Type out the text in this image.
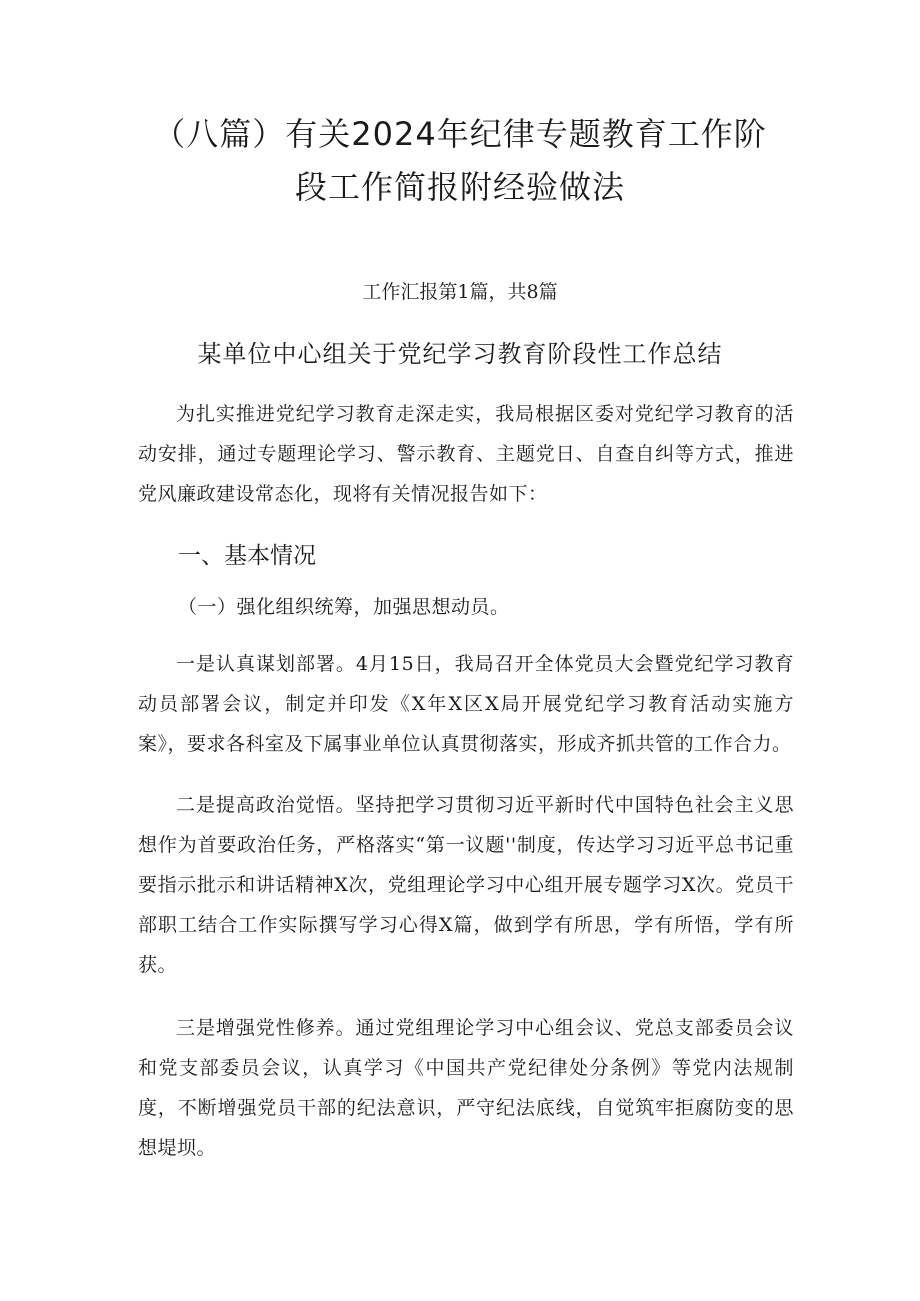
（八篇）有关2024年纪律专题教育工作阶
段工作简报附经验做法
工作汇报第1篇，共8篇
某单位中心组关于党纪学习教育阶段性工作总结

为扎实推进党纪学习教育走深走实，我局根据区委对党纪学习教育的活动安排，通过专题理论学习、警示教育、主题党日、自查自纠等方式，推进党风廉政建设常态化，现将有关情况报告如下：

一、基本情况
（一）强化组织统筹，加强思想动员。

一是认真谋划部署。4月15日，我局召开全体党员大会暨党纪学习教育动员部署会议，制定并印发《X年X区X局开展党纪学习教育活动实施方案》，要求各科室及下属事业单位认真贯彻落实，形成齐抓共管的工作合力。

二是提高政治觉悟。坚持把学习贯彻习近平新时代中国特色社会主义思想作为首要政治任务，严格落实“第一议题''制度，传达学习习近平总书记重要指示批示和讲话精神X次，党组理论学习中心组开展专题学习X次。党员干部职工结合工作实际撰写学习心得X篇，做到学有所思，学有所悟，学有所获。

三是增强党性修养。通过党组理论学习中心组会议、党总支部委员会议和党支部委员会议，认真学习《中国共产党纪律处分条例》等党内法规制度，不断增强党员干部的纪法意识，严守纪法底线，自觉筑牢拒腐防变的思想堤坝。
